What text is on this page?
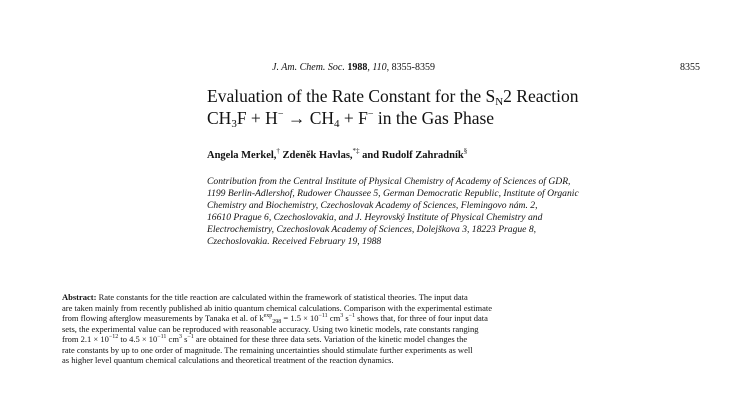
J. Am. Chem. Soc. 1988, 110, 8355-8359	8355
Evaluation of the Rate Constant for the $S_N2$ Reaction
$CH_3F + H^- \to CH_4 + F^-$ in the Gas Phase
Angela Merkel,† Zdeněk Havlas,*‡ and Rudolf Zahradník§
Contribution from the Central Institute of Physical Chemistry of Academy of Sciences of GDR,
1199 Berlin-Adlershof, Rudower Chaussee 5, German Democratic Republic, Institute of Organic
Chemistry and Biochemistry, Czechoslovak Academy of Sciences, Flemingovo nám. 2,
16610 Prague 6, Czechoslovakia, and J. Heyrovský Institute of Physical Chemistry and
Electrochemistry, Czechoslovak Academy of Sciences, Dolejškova 3, 18223 Prague 8,
Czechoslovakia. Received February 19, 1988
Abstract: Rate constants for the title reaction are calculated within the framework of statistical theories. The input data
are taken mainly from recently published ab initio quantum chemical calculations. Comparison with the experimental estimate
from flowing afterglow measurements by Tanaka et al. of $k^{exp}_{298} = 1.5 \times 10^{-11}$ $cm^3$ $s^{-1}$ shows that, for three of four input data
sets, the experimental value can be reproduced with reasonable accuracy. Using two kinetic models, rate constants ranging
from $2.1 \times 10^{-12}$ to $4.5 \times 10^{-11}$ $cm^3$ $s^{-1}$ are obtained for these three data sets. Variation of the kinetic model changes the
rate constants by up to one order of magnitude. The remaining uncertainties should stimulate further experiments as well
as higher level quantum chemical calculations and theoretical treatment of the reaction dynamics.
